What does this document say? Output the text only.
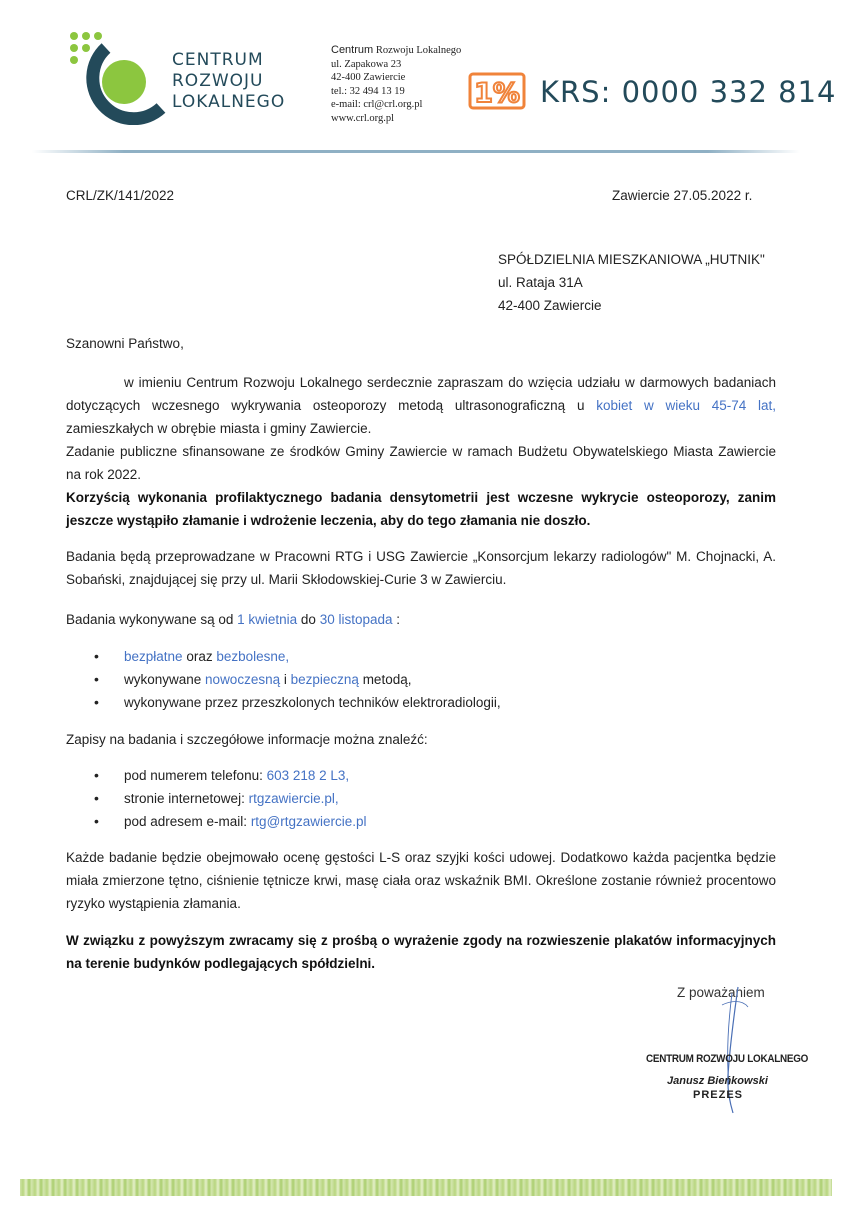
CENTRUM
ROZWOJU
LOKALNEGO
Centrum Rozwoju Lokalnego
ul. Zapakowa 23
42-400 Zawiercie
tel.: 32 494 13 19
e-mail: crl@crl.org.pl
www.crl.org.pl
1% KRS: 0000 332 814
CRL/ZK/141/2022	Zawiercie 27.05.2022 r.
SPÓŁDZIELNIA MIESZKANIOWA „HUTNIK"
ul. Rataja 31A
42-400 Zawiercie
Szanowni Państwo,
w imieniu Centrum Rozwoju Lokalnego serdecznie zapraszam do wzięcia udziału w darmowych badaniach dotyczących wczesnego wykrywania osteoporozy metodą ultrasonograficzną u kobiet w wieku 45-74 lat, zamieszkałych w obrębie miasta i gminy Zawiercie.
Zadanie publiczne sfinansowane ze środków Gminy Zawiercie w ramach Budżetu Obywatelskiego Miasta Zawiercie na rok 2022.
Korzyścią wykonania profilaktycznego badania densytometrii jest wczesne wykrycie osteoporozy, zanim jeszcze wystąpiło złamanie i wdrożenie leczenia, aby do tego złamania nie doszło.
Badania będą przeprowadzane w Pracowni RTG i USG Zawiercie „Konsorcjum lekarzy radiologów" M. Chojnacki, A. Sobański, znajdującej się przy ul. Marii Skłodowskiej-Curie 3 w Zawierciu.
Badania wykonywane są od 1 kwietnia do 30 listopada :
• bezpłatne oraz bezbolesne,
• wykonywane nowoczesną i bezpieczną metodą,
• wykonywane przez przeszkolonych techników elektroradiologii,
Zapisy na badania i szczegółowe informacje można znaleźć:
• pod numerem telefonu: 603 218 2 L3,
• stronie internetowej: rtgzawiercie.pl,
• pod adresem e-mail: rtg@rtgzawiercie.pl
Każde badanie będzie obejmowało ocenę gęstości L-S oraz szyjki kości udowej. Dodatkowo każda pacjentka będzie miała zmierzone tętno, ciśnienie tętnicze krwi, masę ciała oraz wskaźnik BMI. Określone zostanie również procentowo ryzyko wystąpienia złamania.
W związku z powyższym zwracamy się z prośbą o wyrażenie zgody na rozwieszenie plakatów informacyjnych na terenie budynków podlegających spółdzielni.
Z poważaniem
CENTRUM ROZWOJU LOKALNEGO
Janusz Bieńkowski
PREZES
